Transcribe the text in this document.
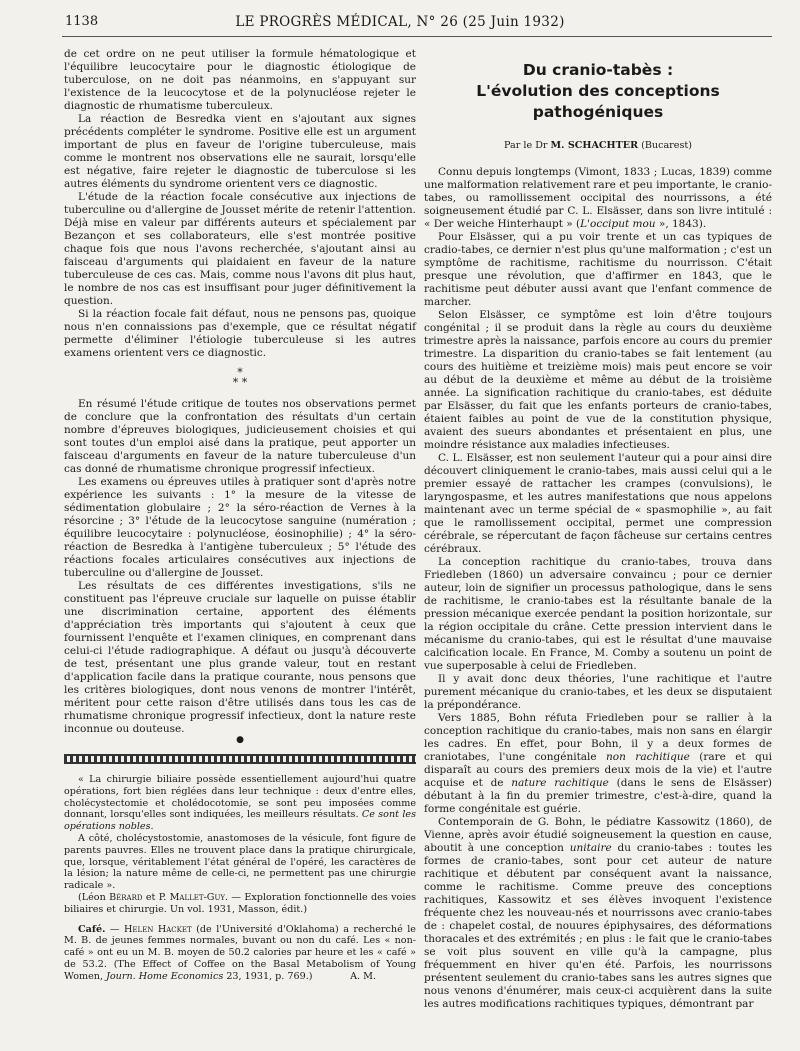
1138	LE PROGRÈS MÉDICAL, N° 26 (25 Juin 1932)

de cet ordre on ne peut utiliser la formule hématologique et l'équilibre leucocytaire pour le diagnostic étiologique de tuberculose, on ne doit pas néanmoins, en s'appuyant sur l'existence de la leucocytose et de la polynucléose rejeter le diagnostic de rhumatisme tuberculeux.

La réaction de Besredka vient en s'ajoutant aux signes précédents compléter le syndrome. Positive elle est un argument important de plus en faveur de l'origine tuberculeuse, mais comme le montrent nos observations elle ne saurait, lorsqu'elle est négative, faire rejeter le diagnostic de tuberculose si les autres éléments du syndrome orientent vers ce diagnostic.

L'étude de la réaction focale consécutive aux injections de tuberculine ou d'allergine de Jousset mérite de retenir l'attention. Déjà mise en valeur par différents auteurs et spécialement par Bezançon et ses collaborateurs, elle s'est montrée positive chaque fois que nous l'avons recherchée, s'ajoutant ainsi au faisceau d'arguments qui plaidaient en faveur de la nature tuberculeuse de ces cas. Mais, comme nous l'avons dit plus haut, le nombre de nos cas est insuffisant pour juger définitivement la question.

Si la réaction focale fait défaut, nous ne pensons pas, quoique nous n'en connaissions pas d'exemple, que ce résultat négatif permette d'éliminer l'étiologie tuberculeuse si les autres examens orientent vers ce diagnostic.

*
* *

En résumé l'étude critique de toutes nos observations permet de conclure que la confrontation des résultats d'un certain nombre d'épreuves biologiques, judicieusement choisies et qui sont toutes d'un emploi aisé dans la pratique, peut apporter un faisceau d'arguments en faveur de la nature tuberculeuse d'un cas donné de rhumatisme chronique progressif infectieux.

Les examens ou épreuves utiles à pratiquer sont d'après notre expérience les suivants : 1° la mesure de la vitesse de sédimentation globulaire ; 2° la séro-réaction de Vernes à la résorcine ; 3° l'étude de la leucocytose sanguine (numération ; équilibre leucocytaire : polynucléose, éosinophilie) ; 4° la séro-réaction de Besredka à l'antigène tuberculeux ; 5° l'étude des réactions focales articulaires consécutives aux injections de tuberculine ou d'allergine de Jousset.

Les résultats de ces différentes investigations, s'ils ne constituent pas l'épreuve cruciale sur laquelle on puisse établir une discrimination certaine, apportent des éléments d'appréciation très importants qui s'ajoutent à ceux que fournissent l'enquête et l'examen cliniques, en comprenant dans celui-ci l'étude radiographique. A défaut ou jusqu'à découverte de test, présentant une plus grande valeur, tout en restant d'application facile dans la pratique courante, nous pensons que les critères biologiques, dont nous venons de montrer l'intérêt, méritent pour cette raison d'être utilisés dans tous les cas de rhumatisme chronique progressif infectieux, dont la nature reste inconnue ou douteuse.

●

« La chirurgie biliaire possède essentiellement aujourd'hui quatre opérations, fort bien réglées dans leur technique : deux d'entre elles, cholécystectomie et cholédocotomie, se sont peu imposées comme donnant, lorsqu'elles sont indiquées, les meilleurs résultats. Ce sont les opérations nobles.

A côté, cholécystostomie, anastomoses de la vésicule, font figure de parents pauvres. Elles ne trouvent place dans la pratique chirurgicale, que, lorsque, véritablement l'état général de l'opéré, les caractères de la lésion; la nature même de celle-ci, ne permettent pas une chirurgie radicale ».

(Léon Bérard et P. Mallet-Guy. — Exploration fonctionnelle des voies biliaires et chirurgie. Un vol. 1931, Masson, édit.)

Café. — Helen Hacket (de l'Université d'Oklahoma) a recherché le M. B. de jeunes femmes normales, buvant ou non du café. Les « non-café » ont eu un M. B. moyen de 50.2 calories par heure et les « café » de 53.2. (The Effect of Coffee on the Basal Metabolism of Young Women, Journ. Home Economics 23, 1931, p. 769.)	A. M.

Du cranio-tabès :
L'évolution des conceptions pathogéniques
Par le Dr M. SCHACHTER (Bucarest)

Connu depuis longtemps (Vimont, 1833 ; Lucas, 1839) comme une malformation relativement rare et peu importante, le cranio-tabes, ou ramollissement occipital des nourrissons, a été soigneusement étudié par C. L. Elsässer, dans son livre intitulé : « Der weiche Hinterhaupt » (L'occiput mou », 1843).

Pour Elsässer, qui a pu voir trente et un cas typiques de cradio-tabes, ce dernier n'est plus qu'une malformation ; c'est un symptôme de rachitisme, rachitisme du nourrisson. C'était presque une révolution, que d'affirmer en 1843, que le rachitisme peut débuter aussi avant que l'enfant commence de marcher.

Selon Elsässer, ce symptôme est loin d'être toujours congénital ; il se produit dans la règle au cours du deuxième trimestre après la naissance, parfois encore au cours du premier trimestre. La disparition du cranio-tabes se fait lentement (au cours des huitième et treizième mois) mais peut encore se voir au début de la deuxième et même au début de la troisième année. La signification rachitique du cranio-tabes, est déduite par Elsässer, du fait que les enfants porteurs de cranio-tabes, étaient faibles au point de vue de la constitution physique, avaient des sueurs abondantes et présentaient en plus, une moindre résistance aux maladies infectieuses.

C. L. Elsässer, est non seulement l'auteur qui a pour ainsi dire découvert cliniquement le cranio-tabes, mais aussi celui qui a le premier essayé de rattacher les crampes (convulsions), le laryngospasme, et les autres manifestations que nous appelons maintenant avec un terme spécial de « spasmophilie », au fait que le ramollissement occipital, permet une compression cérébrale, se répercutant de façon fâcheuse sur certains centres cérébraux.

La conception rachitique du cranio-tabes, trouva dans Friedleben (1860) un adversaire convaincu ; pour ce dernier auteur, loin de signifier un processus pathologique, dans le sens de rachitisme, le cranio-tabes est la résultante banale de la pression mécanique exercée pendant la position horizontale, sur la région occipitale du crâne. Cette pression intervient dans le mécanisme du cranio-tabes, qui est le résultat d'une mauvaise calcification locale. En France, M. Comby a soutenu un point de vue superposable à celui de Friedleben.

Il y avait donc deux théories, l'une rachitique et l'autre purement mécanique du cranio-tabes, et les deux se disputaient la prépondérance.

Vers 1885, Bohn réfuta Friedleben pour se rallier à la conception rachitique du cranio-tabes, mais non sans en élargir les cadres. En effet, pour Bohn, il y a deux formes de craniotabes, l'une congénitale non rachitique (rare et qui disparaît au cours des premiers deux mois de la vie) et l'autre acquise et de nature rachitique (dans le sens de Elsässer) débutant à la fin du premier trimestre, c'est-à-dire, quand la forme congénitale est guérie.

Contemporain de G. Bohn, le pédiatre Kassowitz (1860), de Vienne, après avoir étudié soigneusement la question en cause, aboutit à une conception unitaire du cranio-tabes : toutes les formes de cranio-tabes, sont pour cet auteur de nature rachitique et débutent par conséquent avant la naissance, comme le rachitisme. Comme preuve des conceptions rachitiques, Kassowitz et ses élèves invoquent l'existence fréquente chez les nouveau-nés et nourrissons avec cranio-tabes de : chapelet costal, de nouures épiphysaires, des déformations thoracales et des extrémités ; en plus : le fait que le cranio-tabes se voit plus souvent en ville qu'à la campagne, plus fréquemment en hiver qu'en été. Parfois, les nourrissons présentent seulement du cranio-tabes sans les autres signes que nous venons d'énumérer, mais ceux-ci acquièrent dans la suite les autres modifications rachitiques typiques, démontrant par
